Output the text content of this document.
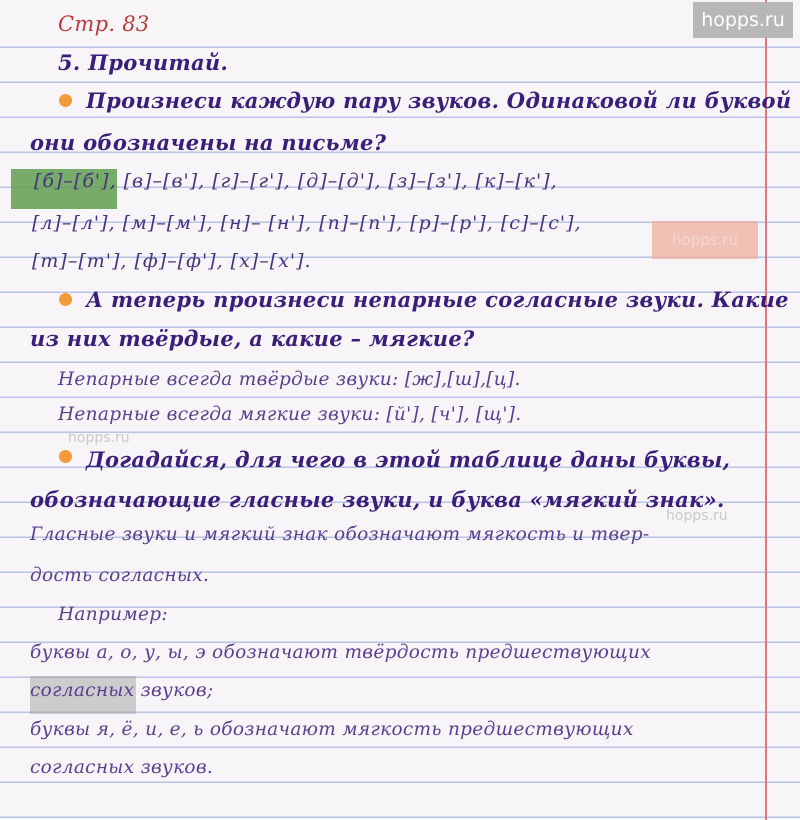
hopps.ru
Стр. 83
5. Прочитай.
Произнеси каждую пару звуков. Одинаковой ли буквой
они обозначены на письме?
[б]–[б'], [в]–[в'], [г]–[г'], [д]–[д'], [з]–[з'], [к]–[к'],
[л]–[л'], [м]–[м'], [н]– [н'], [п]–[п'], [р]–[р'], [с]–[с'],
hopps.ru
[т]–[т'], [ф]–[ф'], [х]–[х'].
А теперь произнеси непарные согласные звуки. Какие
из них твёрдые, а какие – мягкие?
Непарные всегда твёрдые звуки: [ж],[ш],[ц].
Непарные всегда мягкие звуки: [й'], [ч'], [щ'].
hopps.ru
Догадайся, для чего в этой таблице даны буквы,
обозначающие гласные звуки, и буква «мягкий знак».
hopps.ru
Гласные звуки и мягкий знак обозначают мягкость и твер-
дость согласных.
Например:
буквы а, о, у, ы, э обозначают твёрдость предшествующих
согласных звуков;
буквы я, ё, и, е, ь обозначают мягкость предшествующих
согласных звуков.
